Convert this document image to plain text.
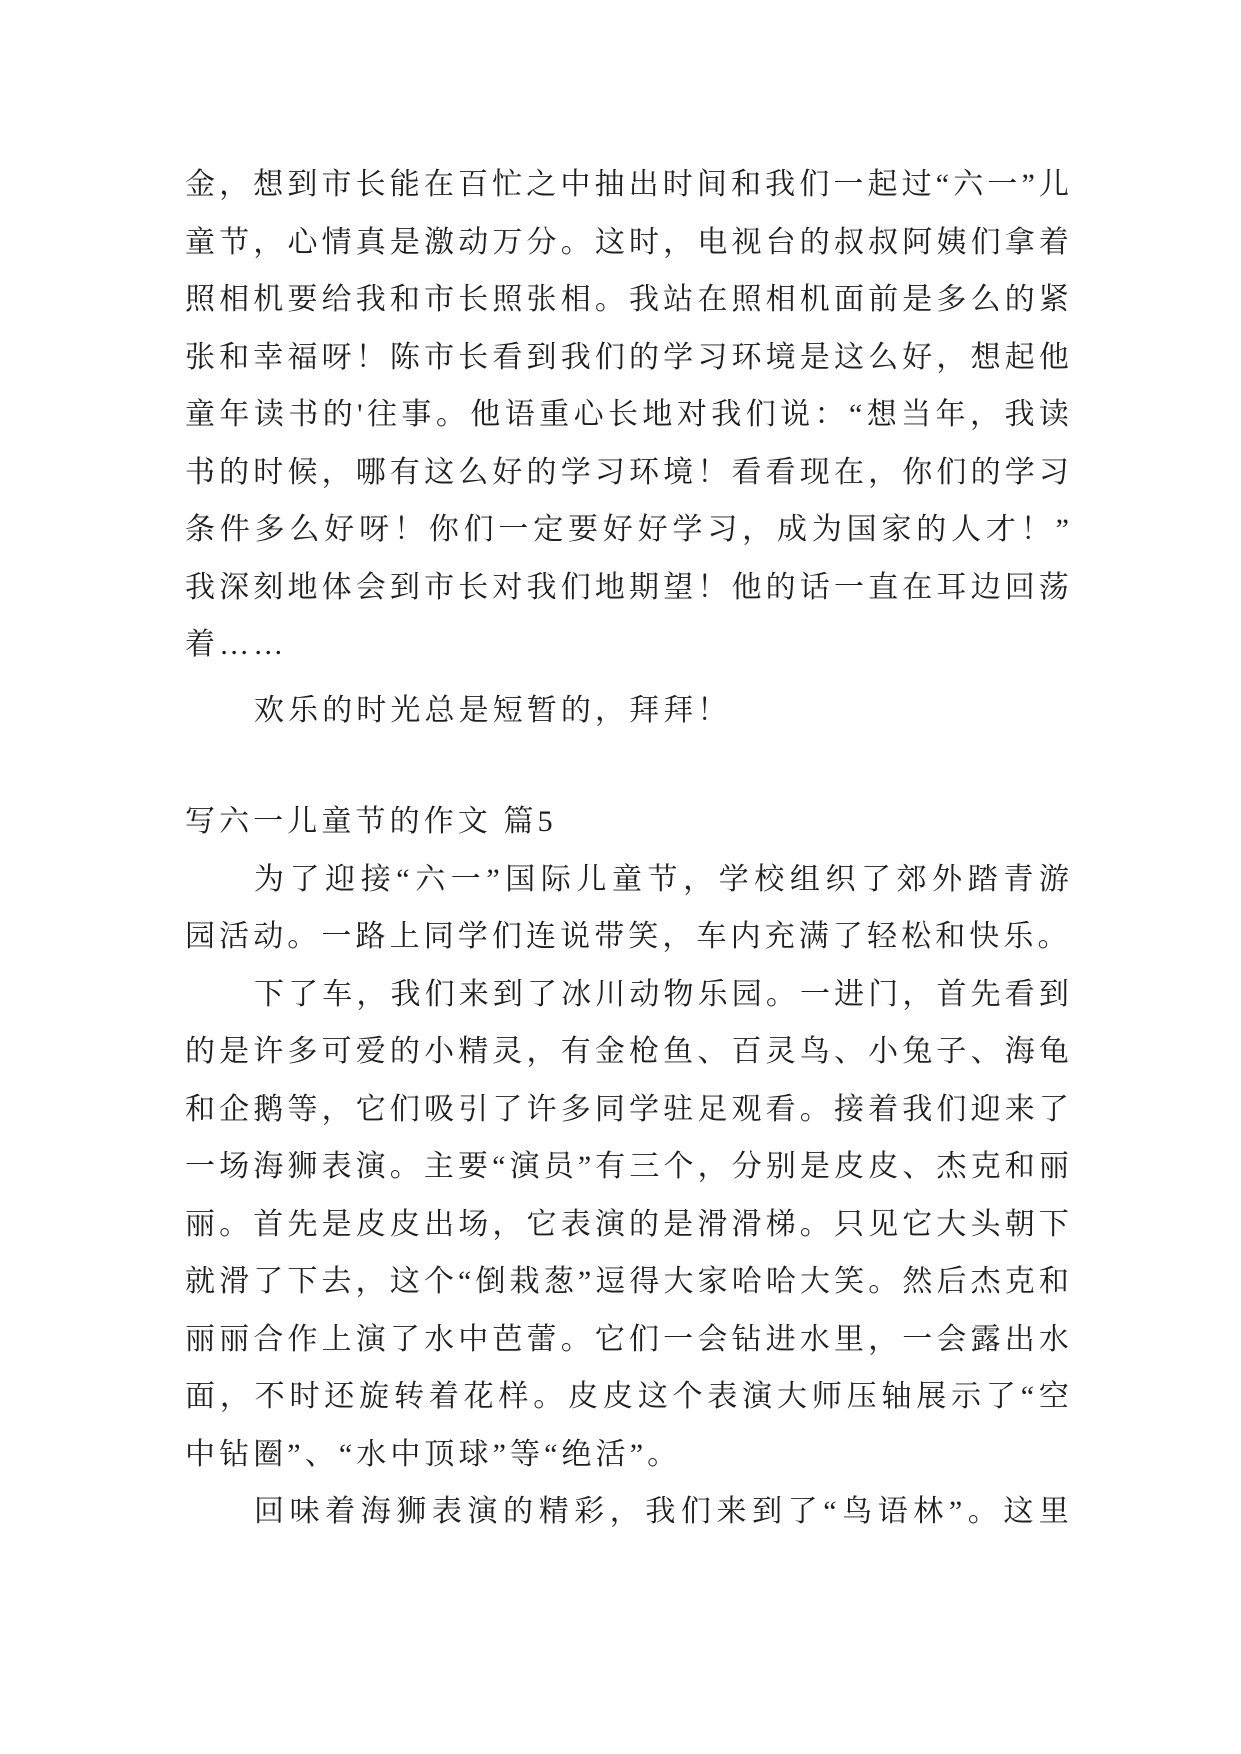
金，想到市长能在百忙之中抽出时间和我们一起过“六一”儿童节，心情真是激动万分。这时，电视台的叔叔阿姨们拿着照相机要给我和市长照张相。我站在照相机面前是多么的紧张和幸福呀！陈市长看到我们的学习环境是这么好，想起他童年读书的'往事。他语重心长地对我们说：“想当年，我读书的时候，哪有这么好的学习环境！看看现在，你们的学习条件多么好呀！你们一定要好好学习，成为国家的人才！”我深刻地体会到市长对我们地期望！他的话一直在耳边回荡着……

欢乐的时光总是短暂的，拜拜！

写六一儿童节的作文 篇5

为了迎接“六一”国际儿童节，学校组织了郊外踏青游园活动。一路上同学们连说带笑，车内充满了轻松和快乐。

下了车，我们来到了冰川动物乐园。一进门，首先看到的是许多可爱的小精灵，有金枪鱼、百灵鸟、小兔子、海龟和企鹅等，它们吸引了许多同学驻足观看。接着我们迎来了一场海狮表演。主要“演员”有三个，分别是皮皮、杰克和丽丽。首先是皮皮出场，它表演的是滑滑梯。只见它大头朝下就滑了下去，这个“倒栽葱”逗得大家哈哈大笑。然后杰克和丽丽合作上演了水中芭蕾。它们一会钻进水里，一会露出水面，不时还旋转着花样。皮皮这个表演大师压轴展示了“空中钻圈”、“水中顶球”等“绝活”。

回味着海狮表演的精彩，我们来到了“鸟语林”。这里
